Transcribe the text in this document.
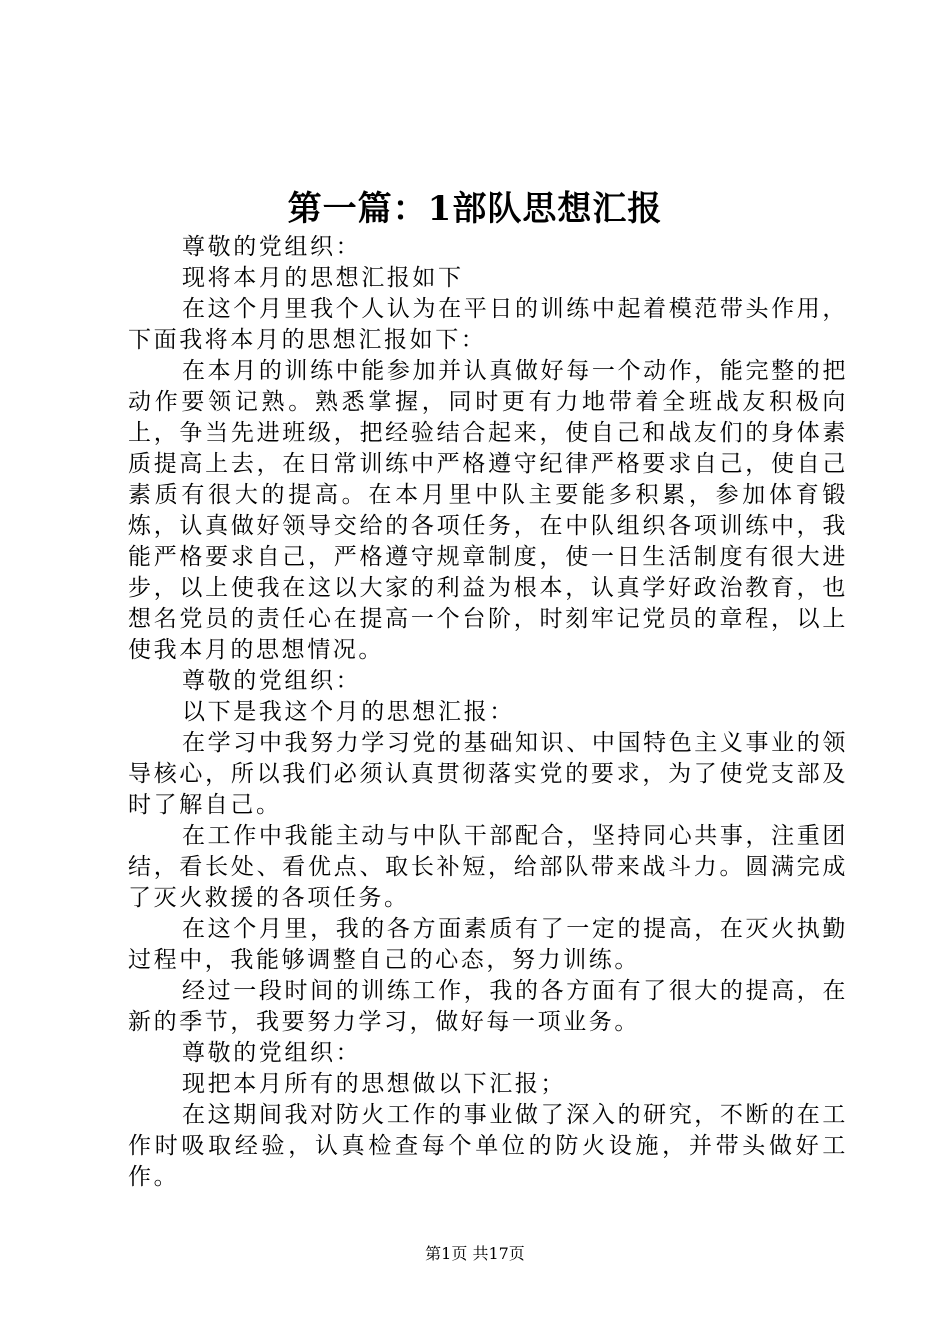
第一篇：1部队思想汇报

尊敬的党组织：

现将本月的思想汇报如下

在这个月里我个人认为在平日的训练中起着模范带头作用，下面我将本月的思想汇报如下：

在本月的训练中能参加并认真做好每一个动作，能完整的把动作要领记熟。熟悉掌握，同时更有力地带着全班战友积极向上，争当先进班级，把经验结合起来，使自己和战友们的身体素质提高上去，在日常训练中严格遵守纪律严格要求自己，使自己素质有很大的提高。在本月里中队主要能多积累，参加体育锻炼，认真做好领导交给的各项任务，在中队组织各项训练中，我能严格要求自己，严格遵守规章制度，使一日生活制度有很大进步，以上使我在这以大家的利益为根本，认真学好政治教育，也想名党员的责任心在提高一个台阶，时刻牢记党员的章程，以上使我本月的思想情况。

尊敬的党组织：

以下是我这个月的思想汇报：

在学习中我努力学习党的基础知识、中国特色主义事业的领导核心，所以我们必须认真贯彻落实党的要求，为了使党支部及时了解自己。

在工作中我能主动与中队干部配合，坚持同心共事，注重团结，看长处、看优点、取长补短，给部队带来战斗力。圆满完成了灭火救援的各项任务。

在这个月里，我的各方面素质有了一定的提高，在灭火执勤过程中，我能够调整自己的心态，努力训练。

经过一段时间的训练工作，我的各方面有了很大的提高，在新的季节，我要努力学习，做好每一项业务。

尊敬的党组织：

现把本月所有的思想做以下汇报；

在这期间我对防火工作的事业做了深入的研究，不断的在工作时吸取经验，认真检查每个单位的防火设施，并带头做好工作。

第1页 共17页
